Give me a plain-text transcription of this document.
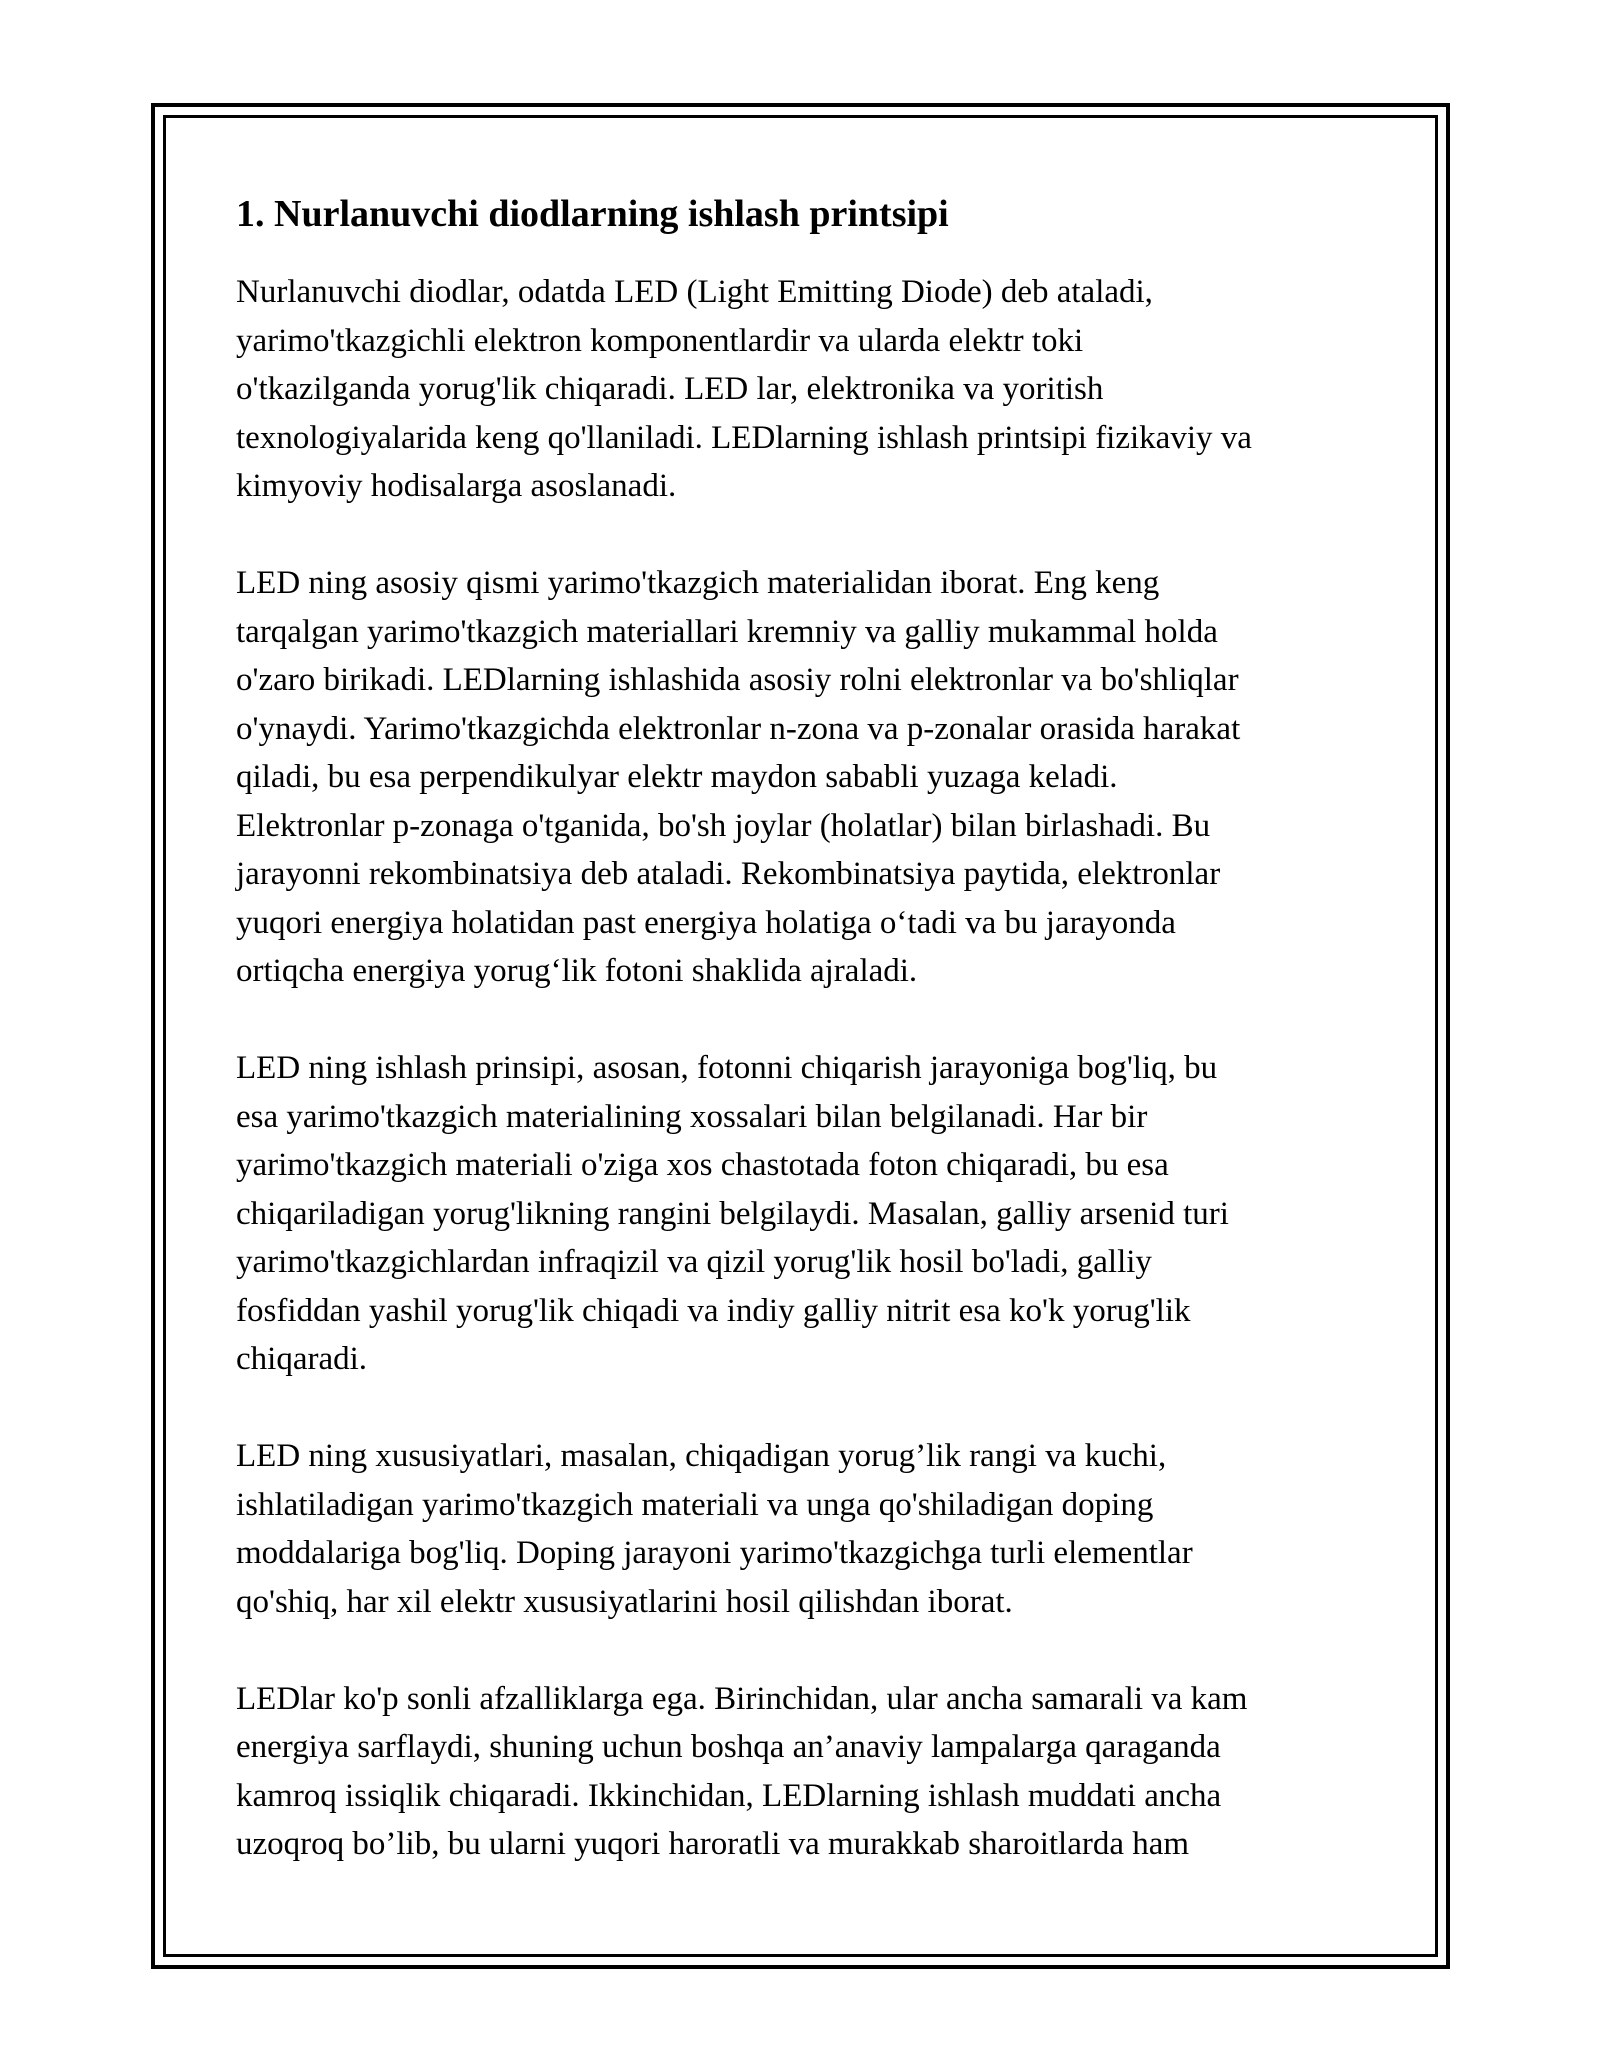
1. Nurlanuvchi diodlarning ishlash printsipi

Nurlanuvchi diodlar, odatda LED (Light Emitting Diode) deb ataladi,
yarimo'tkazgichli elektron komponentlardir va ularda elektr toki
o'tkazilganda yorug'lik chiqaradi. LED lar, elektronika va yoritish
texnologiyalarida keng qo'llaniladi. LEDlarning ishlash printsipi fizikaviy va
kimyoviy hodisalarga asoslanadi.

LED ning asosiy qismi yarimo'tkazgich materialidan iborat. Eng keng
tarqalgan yarimo'tkazgich materiallari kremniy va galliy mukammal holda
o'zaro birikadi. LEDlarning ishlashida asosiy rolni elektronlar va bo'shliqlar
o'ynaydi. Yarimo'tkazgichda elektronlar n-zona va p-zonalar orasida harakat
qiladi, bu esa perpendikulyar elektr maydon sababli yuzaga keladi.
Elektronlar p-zonaga o'tganida, bo'sh joylar (holatlar) bilan birlashadi. Bu
jarayonni rekombinatsiya deb ataladi. Rekombinatsiya paytida, elektronlar
yuqori energiya holatidan past energiya holatiga o‘tadi va bu jarayonda
ortiqcha energiya yorug‘lik fotoni shaklida ajraladi.

LED ning ishlash prinsipi, asosan, fotonni chiqarish jarayoniga bog'liq, bu
esa yarimo'tkazgich materialining xossalari bilan belgilanadi. Har bir
yarimo'tkazgich materiali o'ziga xos chastotada foton chiqaradi, bu esa
chiqariladigan yorug'likning rangini belgilaydi. Masalan, galliy arsenid turi
yarimo'tkazgichlardan infraqizil va qizil yorug'lik hosil bo'ladi, galliy
fosfiddan yashil yorug'lik chiqadi va indiy galliy nitrit esa ko'k yorug'lik
chiqaradi.

LED ning xususiyatlari, masalan, chiqadigan yorug’lik rangi va kuchi,
ishlatiladigan yarimo'tkazgich materiali va unga qo'shiladigan doping
moddalariga bog'liq. Doping jarayoni yarimo'tkazgichga turli elementlar
qo'shiq, har xil elektr xususiyatlarini hosil qilishdan iborat.

LEDlar ko'p sonli afzalliklarga ega. Birinchidan, ular ancha samarali va kam
energiya sarflaydi, shuning uchun boshqa an’anaviy lampalarga qaraganda
kamroq issiqlik chiqaradi. Ikkinchidan, LEDlarning ishlash muddati ancha
uzoqroq bo’lib, bu ularni yuqori haroratli va murakkab sharoitlarda ham
